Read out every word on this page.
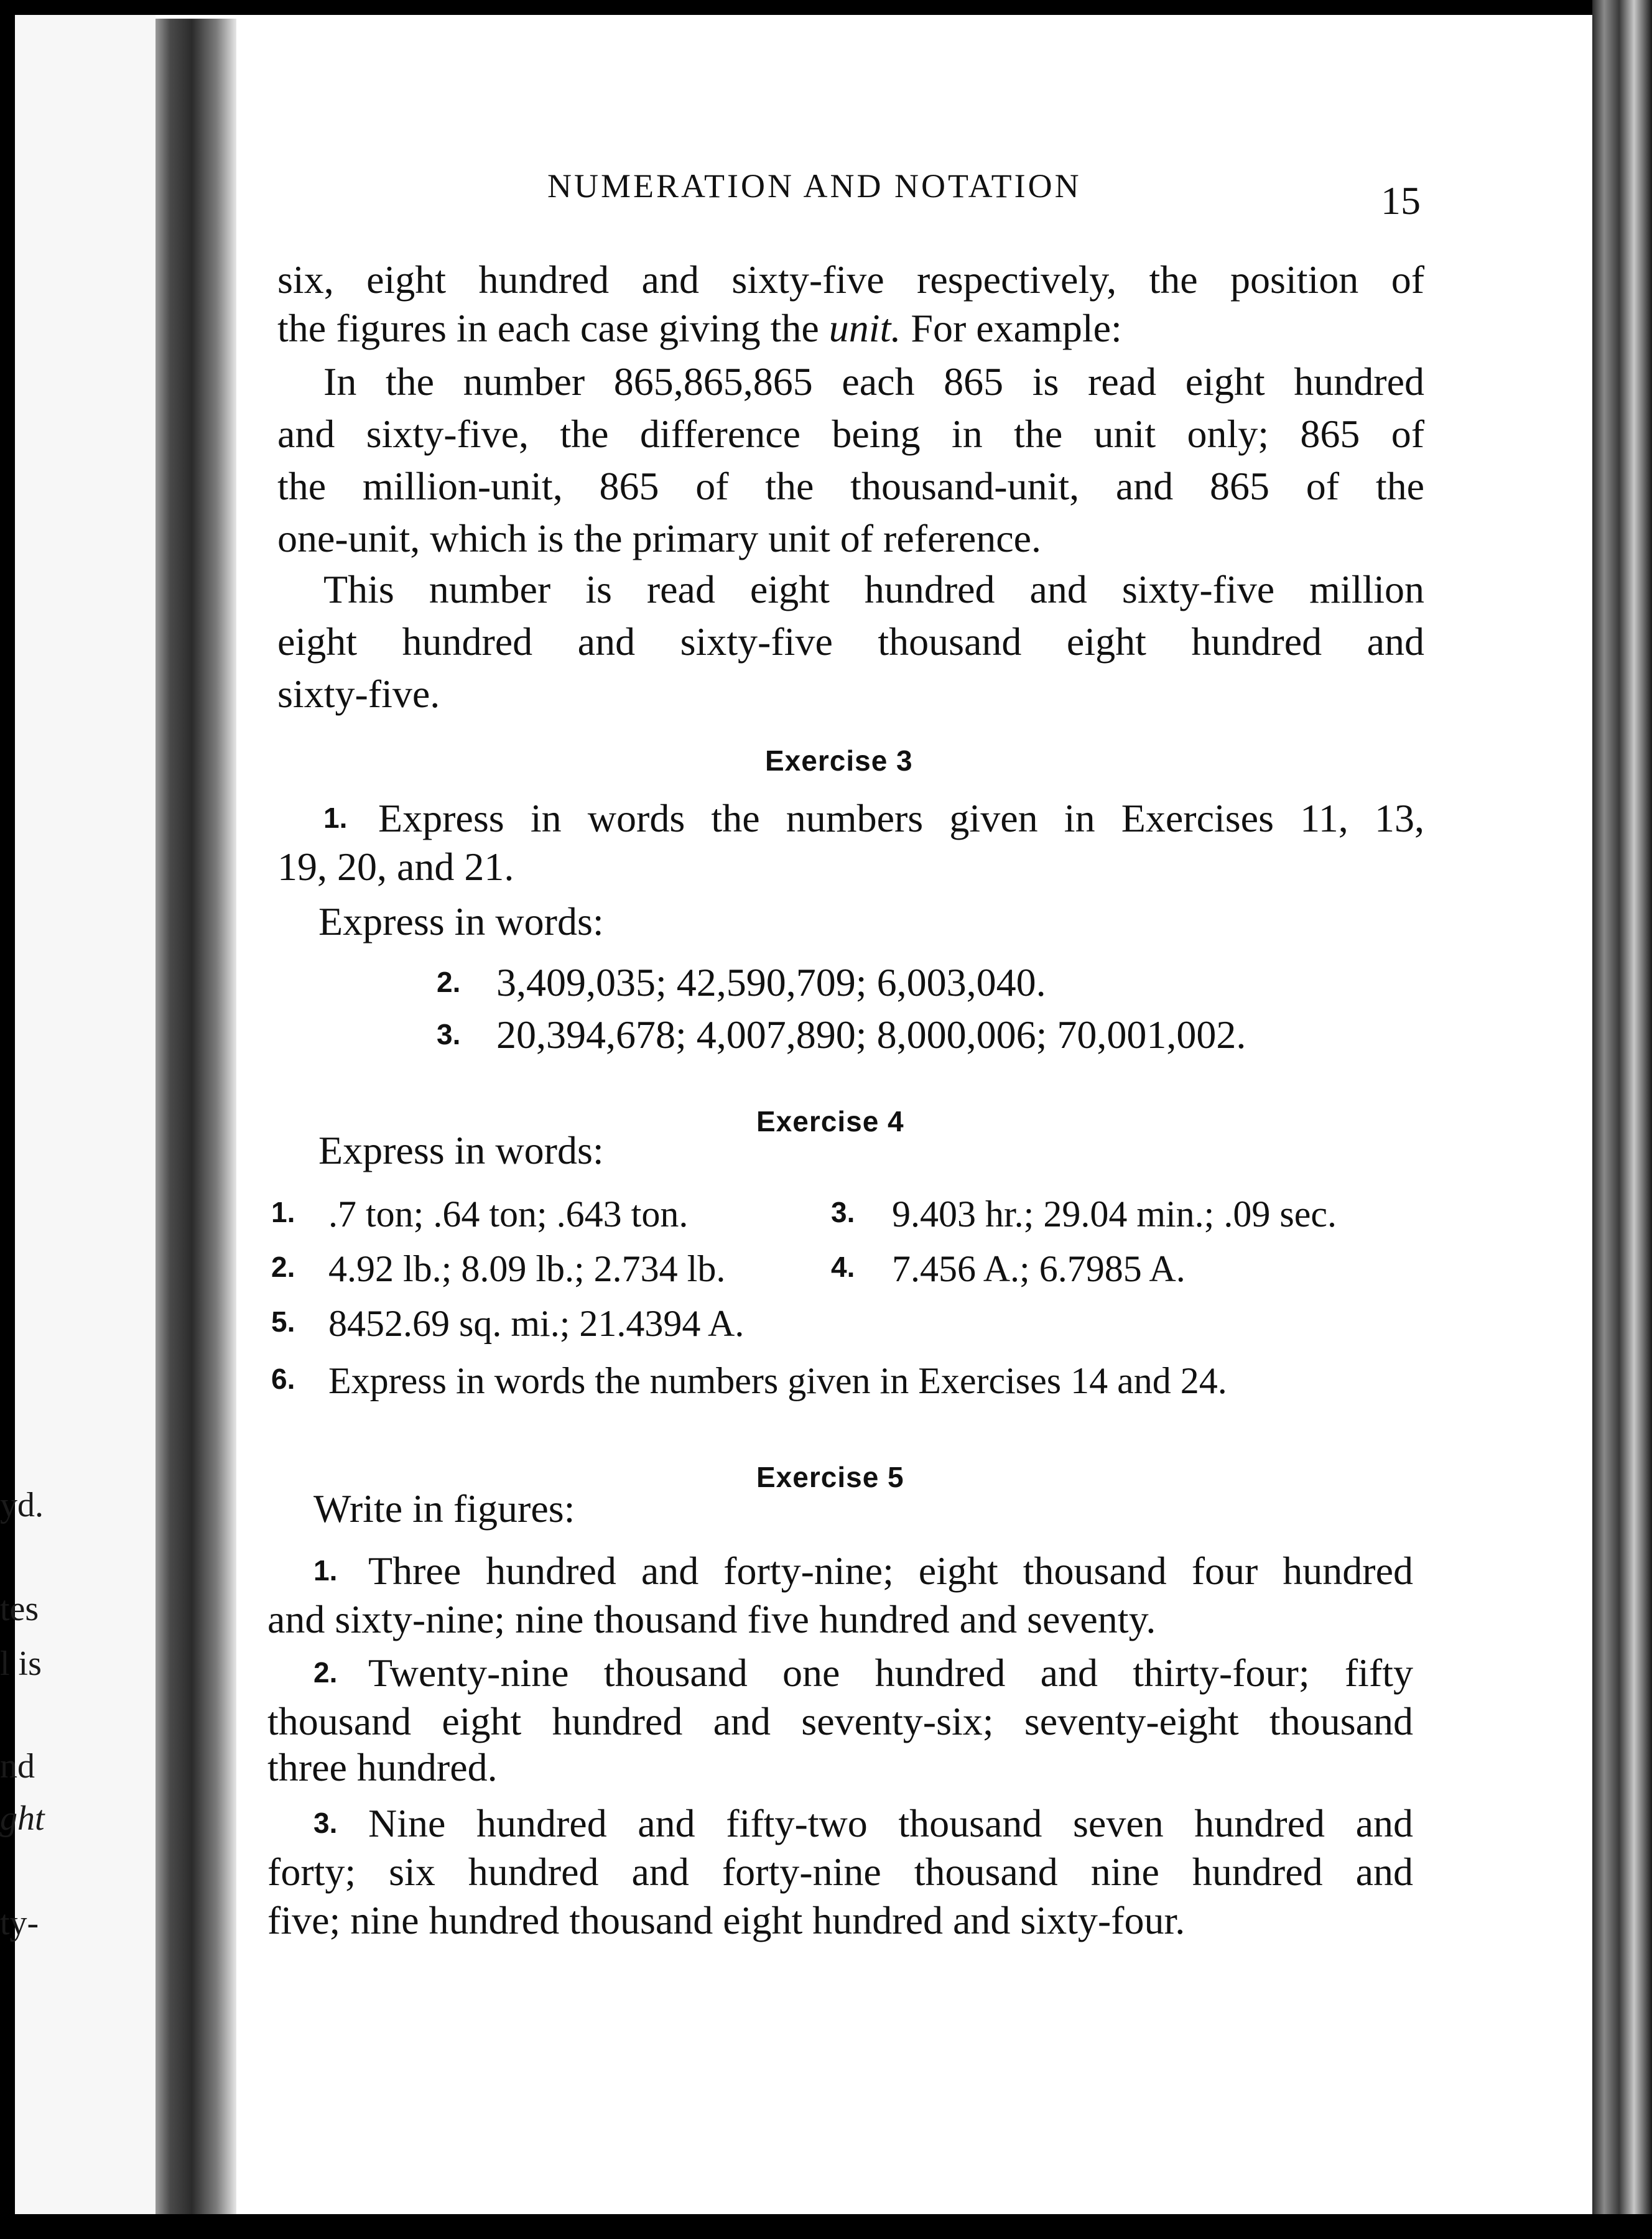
yd.
tes
l is
nd
ght
ty-
NUMERATION AND NOTATION	15
six, eight hundred and sixty-five respectively, the position of
the figures in each case giving the unit. For example:
In the number 865,865,865 each 865 is read eight hundred
and sixty-five, the difference being in the unit only; 865 of
the million-unit, 865 of the thousand-unit, and 865 of the
one-unit, which is the primary unit of reference.
This number is read eight hundred and sixty-five million
eight hundred and sixty-five thousand eight hundred and
sixty-five.
Exercise 3
1. Express in words the numbers given in Exercises 11, 13,
19, 20, and 21.
Express in words:
2. 3,409,035; 42,590,709; 6,003,040.
3. 20,394,678; 4,007,890; 8,000,006; 70,001,002.
Exercise 4
Express in words:
1. .7 ton; .64 ton; .643 ton.	3. 9.403 hr.; 29.04 min.; .09 sec.
2. 4.92 lb.; 8.09 lb.; 2.734 lb.	4. 7.456 A.; 6.7985 A.
5. 8452.69 sq. mi.; 21.4394 A.
6. Express in words the numbers given in Exercises 14 and 24.
Exercise 5
Write in figures:
1. Three hundred and forty-nine; eight thousand four hundred
and sixty-nine; nine thousand five hundred and seventy.
2. Twenty-nine thousand one hundred and thirty-four; fifty
thousand eight hundred and seventy-six; seventy-eight thousand
three hundred.
3. Nine hundred and fifty-two thousand seven hundred and
forty; six hundred and forty-nine thousand nine hundred and
five; nine hundred thousand eight hundred and sixty-four.
